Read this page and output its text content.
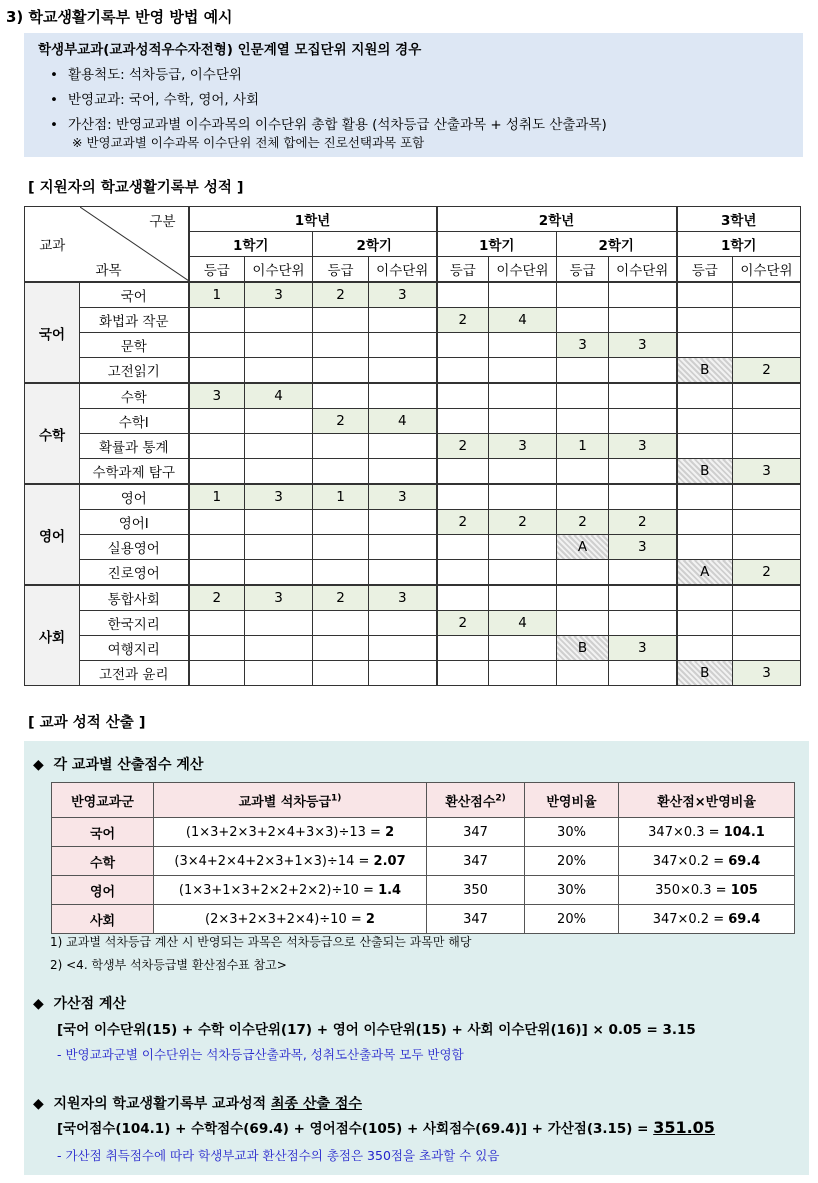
3) 학교생활기록부 반영 방법 예시
학생부교과(교과성적우수자전형) 인문계열 모집단위 지원의 경우
• 활용척도: 석차등급, 이수단위
• 반영교과: 국어, 수학, 영어, 사회
• 가산점: 반영교과별 이수과목의 이수단위 총합 활용 (석차등급 산출과목 + 성취도 산출과목)
※ 반영교과별 이수과목 이수단위 전체 합에는 진로선택과목 포함
[ 지원자의 학교생활기록부 성적 ]
교과	구분
과목	1학년				2학년				3학년	
		1학기		2학기		1학기		2학기		1학기	
		등급	이수단위	등급	이수단위	등급	이수단위	등급	이수단위	등급	이수단위
국어	국어	1	3	2	3						
	화법과 작문					2	4				
	문학							3	3		
	고전읽기									B	2
수학	수학	3	4								
	수학Ⅰ			2	4						
	확률과 통계					2	3	1	3		
	수학과제 탐구									B	3
영어	영어	1	3	1	3						
	영어Ⅰ					2	2	2	2		
	실용영어							A	3		
	진로영어									A	2
사회	통합사회	2	3	2	3						
	한국지리					2	4				
	여행지리							B	3		
	고전과 윤리									B	3
[ 교과 성적 산출 ]
◆ 각 교과별 산출점수 계산
반영교과군	교과별 석차등급$^{1)}$	환산점수$^{2)}$	반영비율	환산점×반영비율
국어	(1×3+2×3+2×4+3×3)÷13 = 2	347	30%	347×0.3 = 104.1
수학	(3×4+2×4+2×3+1×3)÷14 = 2.07	347	20%	347×0.2 = 69.4
영어	(1×3+1×3+2×2+2×2)÷10 = 1.4	350	30%	350×0.3 = 105
사회	(2×3+2×3+2×4)÷10 = 2	347	20%	347×0.2 = 69.4
1) 교과별 석차등급 계산 시 반영되는 과목은 석차등급으로 산출되는 과목만 해당
2) <4. 학생부 석차등급별 환산점수표 참고>
◆ 가산점 계산
[국어 이수단위(15) + 수학 이수단위(17) + 영어 이수단위(15) + 사회 이수단위(16)] × 0.05 = 3.15
- 반영교과군별 이수단위는 석차등급산출과목, 성취도산출과목 모두 반영함
◆ 지원자의 학교생활기록부 교과성적 최종 산출 점수
[국어점수(104.1) + 수학점수(69.4) + 영어점수(105) + 사회점수(69.4)] + 가산점(3.15) = 351.05
- 가산점 취득점수에 따라 학생부교과 환산점수의 총점은 350점을 초과할 수 있음
